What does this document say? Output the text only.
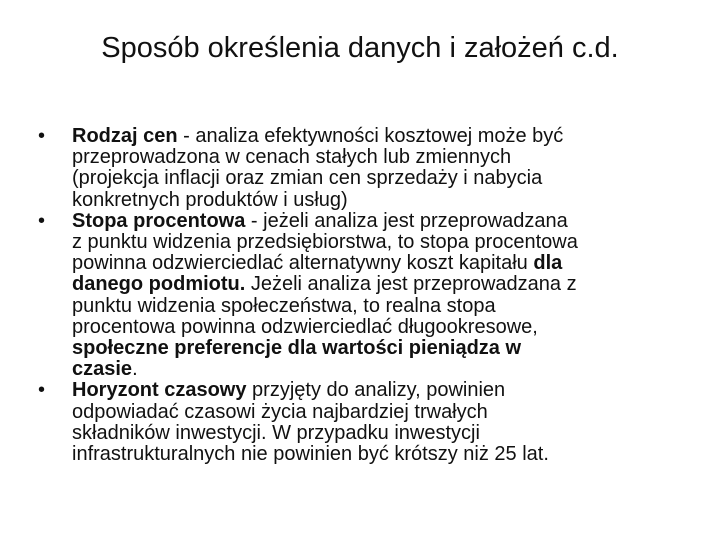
Sposób określenia danych i założeń c.d.
•	Rodzaj cen - analiza efektywności kosztowej może być
przeprowadzona w cenach stałych lub zmiennych
(projekcja inflacji oraz zmian cen sprzedaży i nabycia
konkretnych produktów i usług)
•	Stopa procentowa - jeżeli analiza jest przeprowadzana
z punktu widzenia przedsiębiorstwa, to stopa procentowa
powinna odzwierciedlać alternatywny koszt kapitału dla
danego podmiotu. Jeżeli analiza jest przeprowadzana z
punktu widzenia społeczeństwa, to realna stopa
procentowa powinna odzwierciedlać długookresowe,
społeczne preferencje dla wartości pieniądza w
czasie.
•	Horyzont czasowy przyjęty do analizy, powinien
odpowiadać czasowi życia najbardziej trwałych
składników inwestycji. W przypadku inwestycji
infrastrukturalnych nie powinien być krótszy niż 25 lat.
